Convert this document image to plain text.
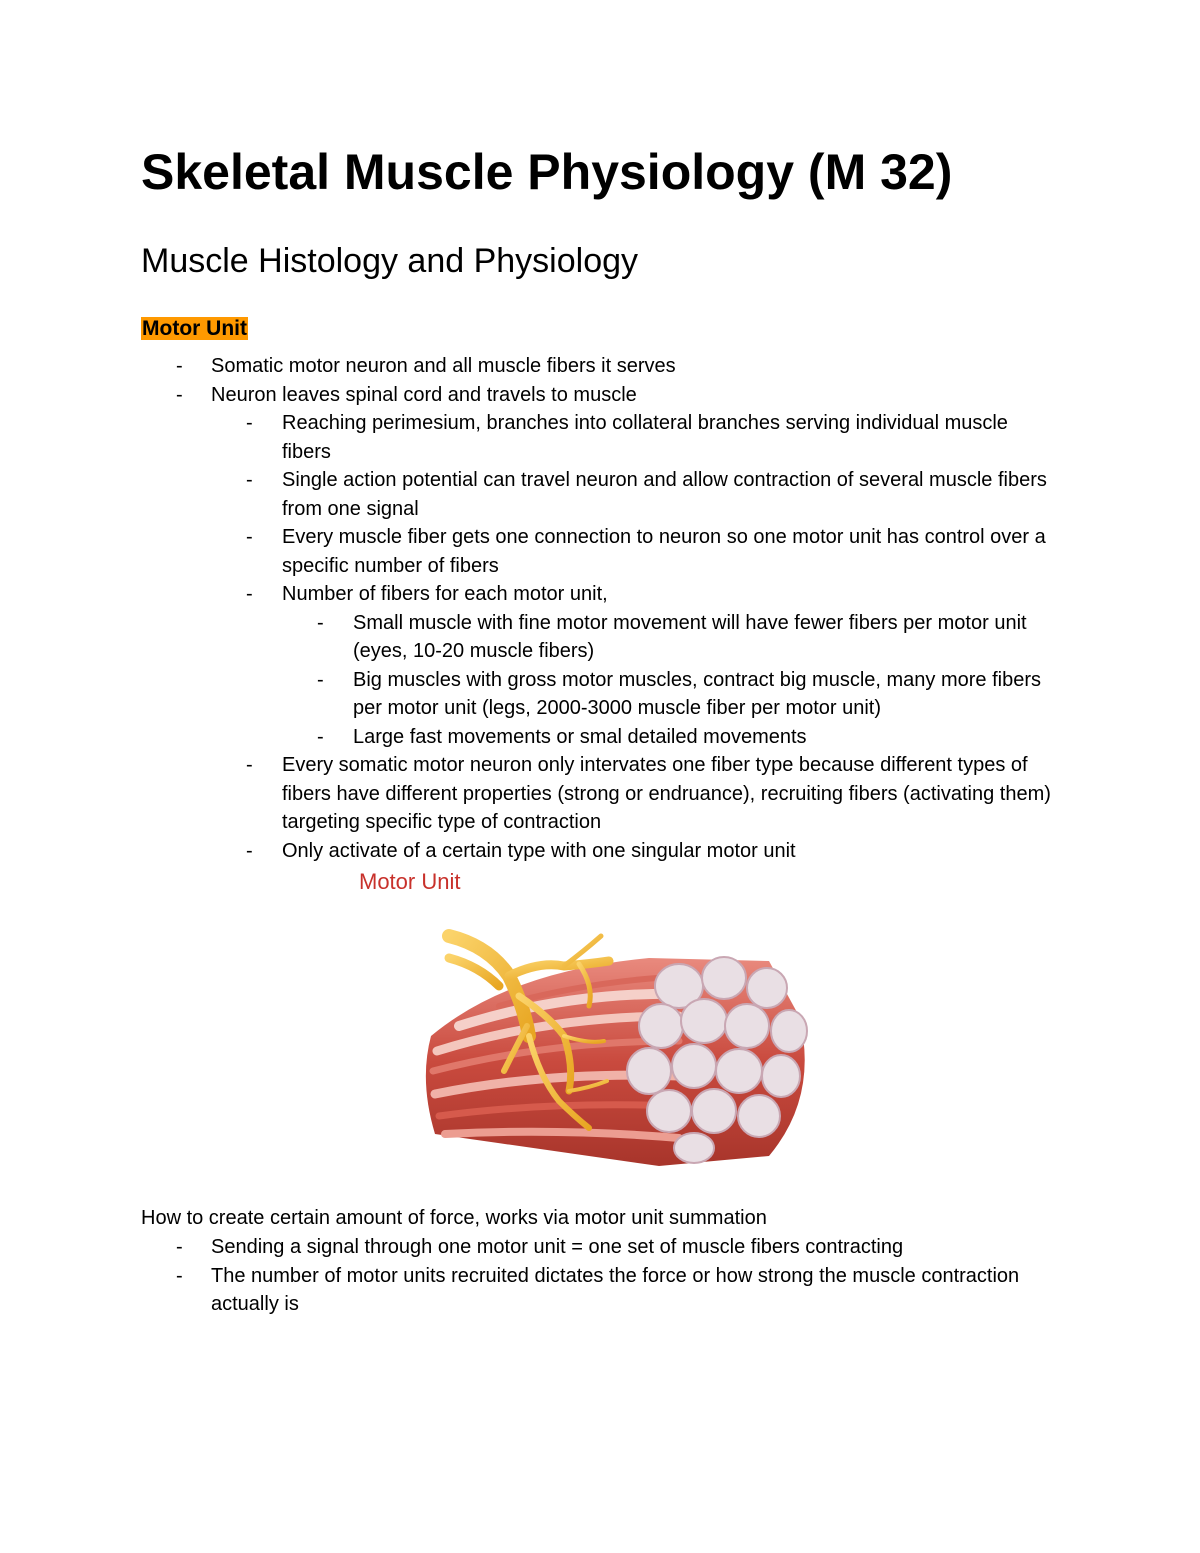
Skeletal Muscle Physiology (M 32)
Muscle Histology and Physiology
Motor Unit
-	Somatic motor neuron and all muscle fibers it serves
-	Neuron leaves spinal cord and travels to muscle
-	Reaching perimesium, branches into collateral branches serving individual muscle fibers
-	Single action potential can travel neuron and allow contraction of several muscle fibers from one signal
-	Every muscle fiber gets one connection to neuron so one motor unit has control over a specific number of fibers
-	Number of fibers for each motor unit,
-	Small muscle with fine motor movement will have fewer fibers per motor unit (eyes, 10-20 muscle fibers)
-	Big muscles with gross motor muscles, contract big muscle, many more fibers per motor unit (legs, 2000-3000 muscle fiber per motor unit)
-	Large fast movements or smal detailed movements
-	Every somatic motor neuron only intervates one fiber type because different types of fibers have different properties (strong or endruance), recruiting fibers (activating them) targeting specific type of contraction
-	Only activate of a certain type with one singular motor unit

Motor Unit

How to create certain amount of force, works via motor unit summation

-	Sending a signal through one motor unit = one set of muscle fibers contracting
-	The number of motor units recruited dictates the force or how strong the muscle contraction actually is
